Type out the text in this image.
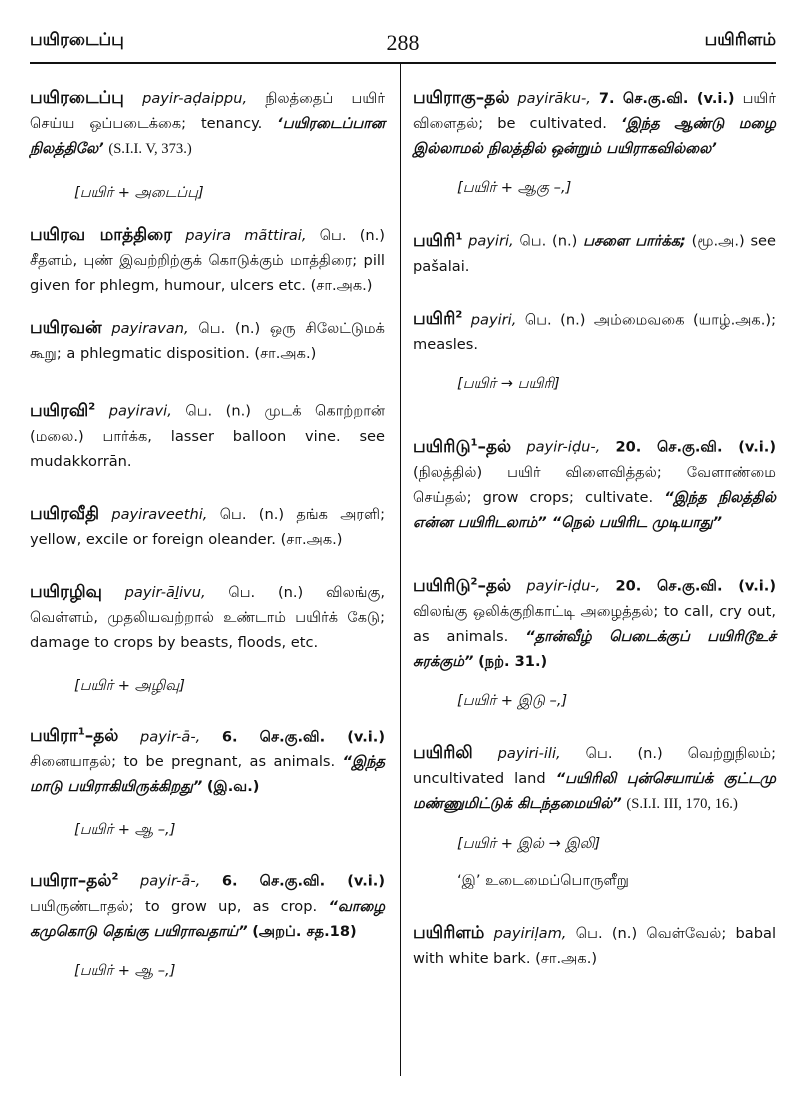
பயிரடைப்பு	288	பயிரிளம்
பயிரடைப்பு payir-aḍaippu, நிலத்தைப் பயிர் செய்ய ஒப்படைக்கை; tenancy. ‘பயிரடைப்பான நிலத்திலே’ (S.I.I. V, 373.)
[பயிர் + அடைப்பு]
பயிரவ மாத்திரை payira mãttirai, பெ. (n.) சீதளம், புண் இவற்றிற்குக் கொடுக்கும் மாத்திரை; pill given for phlegm, humour, ulcers etc. (சா.அக.)
பயிரவன் payiravan, பெ. (n.) ஒரு சிலேட்டுமக் கூறு; a phlegmatic disposition. (சா.அக.)
பயிரவி$^2$ payiravi, பெ. (n.) முடக் கொற்றான் (மலை.) பார்க்க, lasser balloon vine. see mudakkorrān.
பயிரவீதி payiraveethi, பெ. (n.) தங்க அரளி; yellow, excile or foreign oleander. (சா.அக.)
பயிரழிவு payir-āḻivu, பெ. (n.) விலங்கு, வெள்ளம், முதலியவற்றால் உண்டாம் பயிர்க் கேடு; damage to crops by beasts, floods, etc.
[பயிர் + அழிவு]
பயிரா$^1$–தல் payir-ā-, 6. செ.கு.வி. (v.i.) சினையாதல்; to be pregnant, as animals. “இந்த மாடு பயிராகியிருக்கிறது” (இ.வ.)
[பயிர் + ஆ –,]
பயிரா–தல்$^2$ payir-ā-, 6. செ.கு.வி. (v.i.) பயிருண்டாதல்; to grow up, as crop. “வாழை கமுகொடு தெங்கு பயிராவதாய்” (அறப். சத.18)
[பயிர் + ஆ –,]
பயிராகு–தல் payirāku-, 7. செ.கு.வி. (v.i.) பயிர் விளைதல்; be cultivated. ‘இந்த ஆண்டு மழை இல்லாமல் நிலத்தில் ஒன்றும் பயிராகவில்லை’
[பயிர் + ஆகு –,]
பயிரி$^1$ payiri, பெ. (n.) பசளை பார்க்க; (மூ.அ.) see pašalai.
பயிரி$^2$ payiri, பெ. (n.) அம்மைவகை (யாழ்.அக.); measles.
[பயிர் → பயிரி]
பயிரிடு$^1$–தல் payir-iḍu-, 20. செ.கு.வி. (v.i.) (நிலத்தில்) பயிர் விளைவித்தல்; வேளாண்மை செய்தல்; grow crops; cultivate. “இந்த நிலத்தில் என்ன பயிரிடலாம்” “நெல் பயிரிட முடியாது”
பயிரிடு$^2$–தல் payir-iḍu-, 20. செ.கு.வி. (v.i.) விலங்கு ஒலிக்குறிகாட்டி அழைத்தல்; to call, cry out, as animals. “தான்வீழ் பெடைக்குப் பயிரிடூஉச் சுரக்கும்” (நற். 31.)
[பயிர் + இடு –,]
பயிரிலி payiri-ili, பெ. (n.) வெற்றுநிலம்; uncultivated land “பயிரிலி புன்செயாய்க் குட்டமு மண்ணுமிட்டுக் கிடந்தமையில்” (S.I.I. III, 170, 16.)
[பயிர் + இல் → இலி]
‘இ’ உடைமைப்பொருளீறு
பயிரிளம் payiriḷam, பெ. (n.) வெள்வேல்; babal with white bark. (சா.அக.)
